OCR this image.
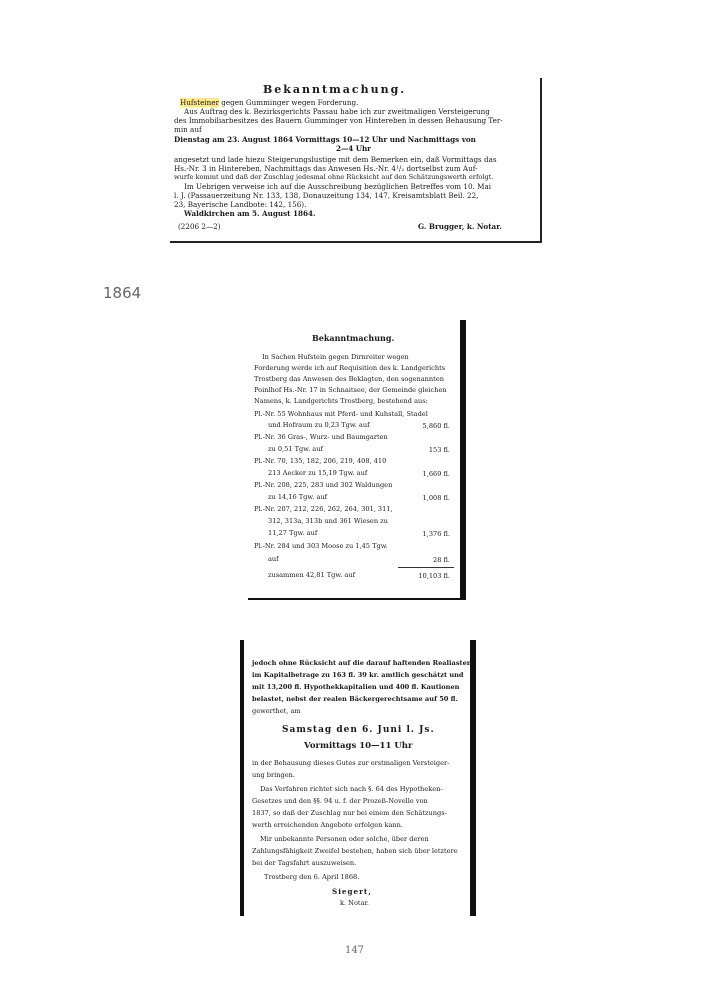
Bekanntmachung.
Hufsteiner gegen Gumminger wegen Forderung.
Aus Auftrag des k. Bezirksgerichts Passau habe ich zur zweitmaligen Versteigerung
des Immobiliarbesitzes des Bauern Gumminger von Hintereben in dessen Behausung Ter-
min auf
Dienstag am 23. August 1864 Vormittags 10—12 Uhr und Nachmittags von
2—4 Uhr
angesetzt und lade hiezu Steigerungslustige mit dem Bemerken ein, daß Vormittags das
Hs.-Nr. 3 in Hintereben, Nachmittags das Anwesen Hs.-Nr. 4¹/₂ dortselbst zum Auf-
wurfe kommt und daß der Zuschlag jedesmal ohne Rücksicht auf den Schätzungswerth erfolgt.
Im Uebrigen verweise ich auf die Ausschreibung bezüglichen Betreffes vom 10. Mai
l. J. (Passauerzeitung Nr. 133, 138, Donauzeitung 134, 147, Kreisamtsblatt Beil. 22,
23, Bayerische Landbote: 142, 156).
Waldkirchen am 5. August 1864.
(2206 2—2)	G. Brugger, k. Notar.
1864
Bekanntmachung.
In Sachen Hufstein gegen Dirnreiter wegen
Forderung werde ich auf Requisition des k. Landgerichts
Trostberg das Anwesen des Beklagten, den sogenannten
Poinlhof Hs.-Nr. 17 in Schnaitsee, der Gemeinde gleichen
Namens, k. Landgerichts Trostberg, bestehend aus:
Pl.-Nr. 55 Wohnhaus mit Pferd- und Kuhstall, Stadel
und Hofraum zu 0,23 Tgw. auf	5,860 fl.
Pl.-Nr. 36 Gras-, Wurz- und Baumgarten
zu 0,51 Tgw. auf	153 fl.
Pl.-Nr. 70, 135, 182, 206, 219, 408, 410
213 Aecker zu 15,19 Tgw. auf	1,669 fl.
Pl.-Nr. 208, 225, 283 und 302 Waldungen
zu 14,16 Tgw. auf	1,008 fl.
Pl.-Nr. 207, 212, 226, 262, 264, 301, 311,
312, 313a, 313b und 361 Wiesen zu
11,27 Tgw. auf	1,376 fl.
Pl.-Nr. 284 und 303 Moose zu 1,45 Tgw.
auf	28 fl.
zusammen 42,81 Tgw. auf	10,103 fl.
jedoch ohne Rücksicht auf die darauf haftenden Realiasten
im Kapitalbetrage zu 163 fl. 39 kr. amtlich geschätzt und
mit 13,200 fl. Hypothekkapitalien und 400 fl. Kautionen
belastet, nebst der realen Bäckergerechtsame auf 50 fl.
gewerthet, am
Samstag den 6. Juni l. Js.
Vormittags 10—11 Uhr
in der Behausung dieses Gutes zur erstmaligen Versteiger-
ung bringen.
Das Verfahren richtet sich nach §. 64 des Hypotheken-
Gesetzes und den §§. 94 u. f. der Prozeß-Novelle von
1837, so daß der Zuschlag nur bei einem den Schätzungs-
werth erreichenden Angebote erfolgen kann.
Mir unbekannte Personen oder solche, über deren
Zahlungsfähigkeit Zweifel bestehen, haben sich über letztere
bei der Tagsfahrt auszuweisen.
Trostberg den 6. April 1868.
Siegert,
k. Notar.
147
